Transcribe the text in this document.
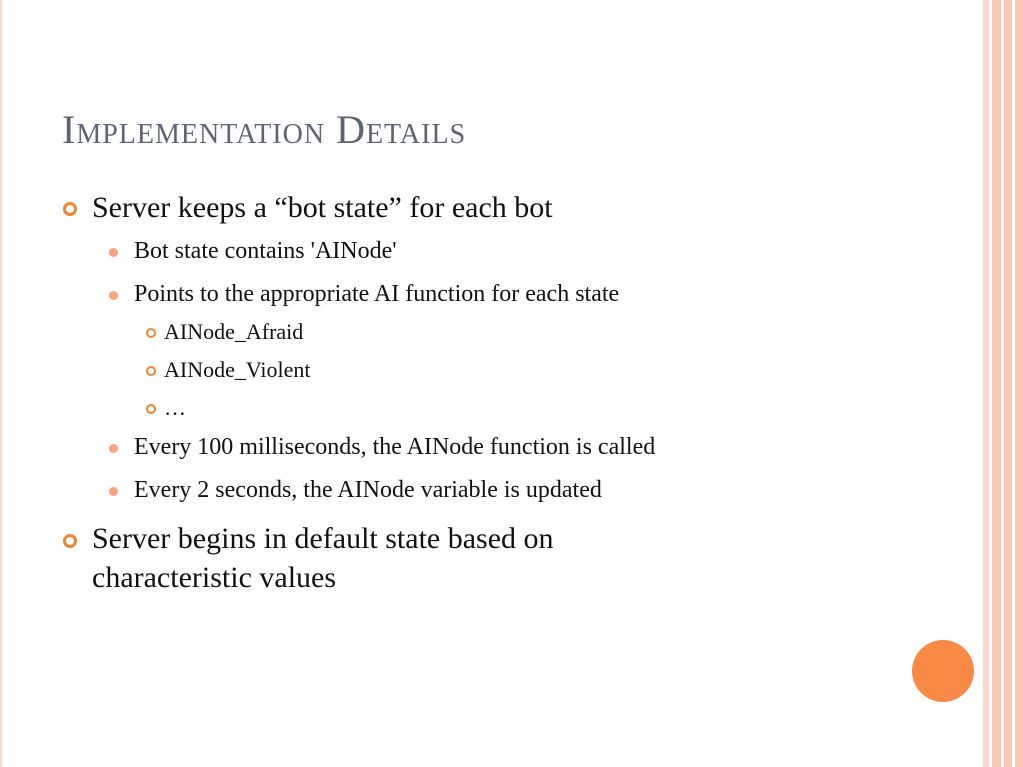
Implementation Details
Server keeps a “bot state” for each bot
Bot state contains 'AINode'
Points to the appropriate AI function for each state
AINode_Afraid
AINode_Violent
…
Every 100 milliseconds, the AINode function is called
Every 2 seconds, the AINode variable is updated
Server begins in default state based on
characteristic values
